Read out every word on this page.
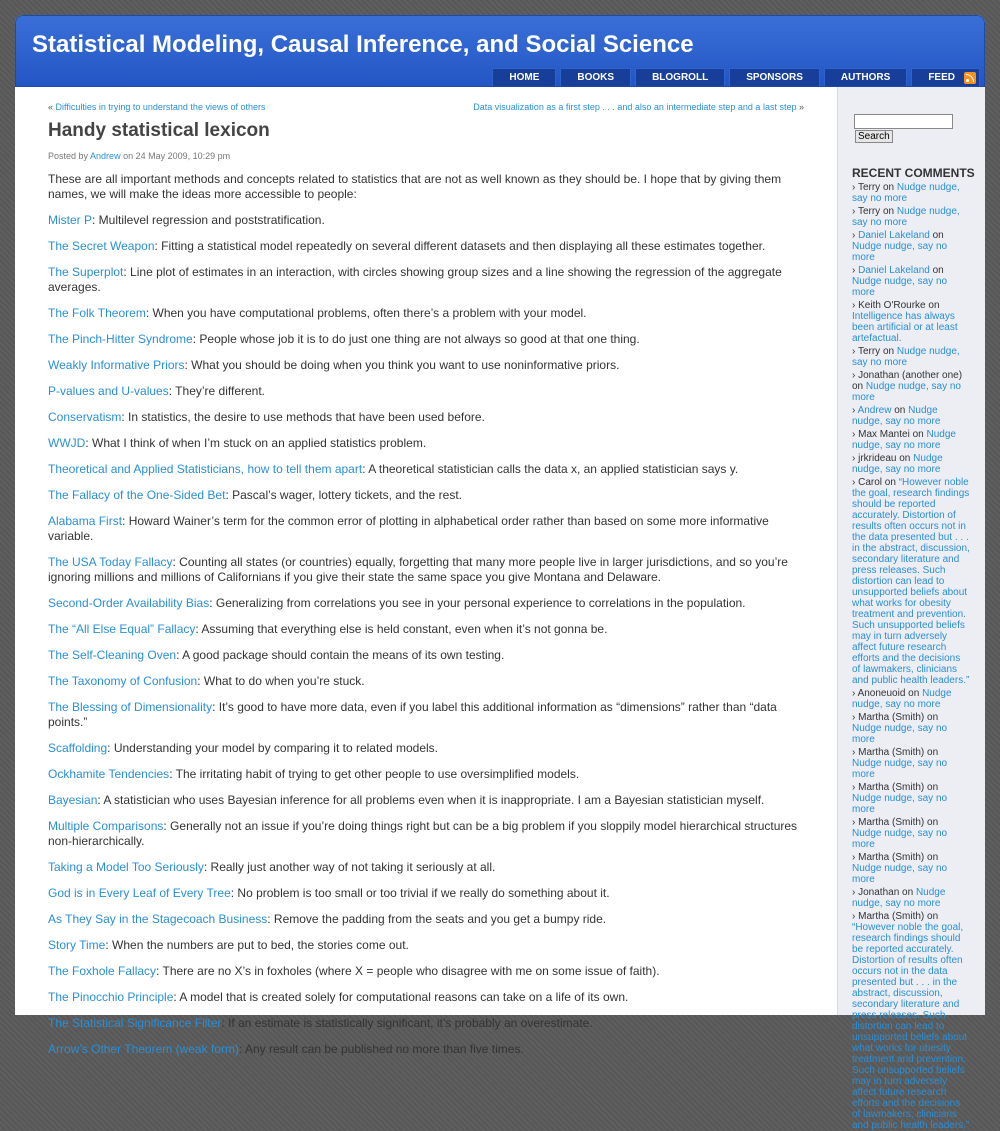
Statistical Modeling, Causal Inference, and Social Science
HOME	BOOKS	BLOGROLL	SPONSORS	AUTHORS	FEED
« Difficulties in trying to understand the views of others	Data visualization as a first step . . . and also an intermediate step and a last step »
Handy statistical lexicon
Posted by Andrew on 24 May 2009, 10:29 pm

These are all important methods and concepts related to statistics that are not as well known as they should be. I hope that by giving them names, we will make the ideas more accessible to people:

Mister P: Multilevel regression and poststratification.

The Secret Weapon: Fitting a statistical model repeatedly on several different datasets and then displaying all these estimates together.

The Superplot: Line plot of estimates in an interaction, with circles showing group sizes and a line showing the regression of the aggregate averages.

The Folk Theorem: When you have computational problems, often there’s a problem with your model.

The Pinch-Hitter Syndrome: People whose job it is to do just one thing are not always so good at that one thing.

Weakly Informative Priors: What you should be doing when you think you want to use noninformative priors.

P-values and U-values: They’re different.

Conservatism: In statistics, the desire to use methods that have been used before.

WWJD: What I think of when I’m stuck on an applied statistics problem.

Theoretical and Applied Statisticians, how to tell them apart: A theoretical statistician calls the data x, an applied statistician says y.

The Fallacy of the One-Sided Bet: Pascal’s wager, lottery tickets, and the rest.

Alabama First: Howard Wainer’s term for the common error of plotting in alphabetical order rather than based on some more informative variable.

The USA Today Fallacy: Counting all states (or countries) equally, forgetting that many more people live in larger jurisdictions, and so you’re ignoring millions and millions of Californians if you give their state the same space you give Montana and Delaware.

Second-Order Availability Bias: Generalizing from correlations you see in your personal experience to correlations in the population.

The “All Else Equal” Fallacy: Assuming that everything else is held constant, even when it’s not gonna be.

The Self-Cleaning Oven: A good package should contain the means of its own testing.

The Taxonomy of Confusion: What to do when you’re stuck.

The Blessing of Dimensionality: It’s good to have more data, even if you label this additional information as “dimensions” rather than “data points.”

Scaffolding: Understanding your model by comparing it to related models.

Ockhamite Tendencies: The irritating habit of trying to get other people to use oversimplified models.

Bayesian: A statistician who uses Bayesian inference for all problems even when it is inappropriate. I am a Bayesian statistician myself.

Multiple Comparisons: Generally not an issue if you’re doing things right but can be a big problem if you sloppily model hierarchical structures non-hierarchically.

Taking a Model Too Seriously: Really just another way of not taking it seriously at all.

God is in Every Leaf of Every Tree: No problem is too small or too trivial if we really do something about it.

As They Say in the Stagecoach Business: Remove the padding from the seats and you get a bumpy ride.

Story Time: When the numbers are put to bed, the stories come out.

The Foxhole Fallacy: There are no X’s in foxholes (where X = people who disagree with me on some issue of faith).

The Pinocchio Principle: A model that is created solely for computational reasons can take on a life of its own.

The Statistical Significance Filter: If an estimate is statistically significant, it’s probably an overestimate.

Arrow’s Other Theorem (weak form): Any result can be published no more than five times.

Search
RECENT COMMENTS
› Terry on Nudge nudge, say no more
› Terry on Nudge nudge, say no more
› Daniel Lakeland on Nudge nudge, say no more
› Daniel Lakeland on Nudge nudge, say no more
› Keith O'Rourke on Intelligence has always been artificial or at least artefactual.
› Terry on Nudge nudge, say no more
› Jonathan (another one) on Nudge nudge, say no more
› Andrew on Nudge nudge, say no more
› Max Mantei on Nudge nudge, say no more
› jrkrideau on Nudge nudge, say no more
› Carol on “However noble the goal, research findings should be reported accurately. Distortion of results often occurs not in the data presented but . . . in the abstract, discussion, secondary literature and press releases. Such distortion can lead to unsupported beliefs about what works for obesity treatment and prevention. Such unsupported beliefs may in turn adversely affect future research efforts and the decisions of lawmakers, clinicians and public health leaders.”
› Anoneuoid on Nudge nudge, say no more
› Martha (Smith) on Nudge nudge, say no more
› Martha (Smith) on Nudge nudge, say no more
› Martha (Smith) on Nudge nudge, say no more
› Martha (Smith) on Nudge nudge, say no more
› Martha (Smith) on Nudge nudge, say no more
› Jonathan on Nudge nudge, say no more
› Martha (Smith) on “However noble the goal, research findings should be reported accurately. Distortion of results often occurs not in the data presented but . . . in the abstract, discussion, secondary literature and press releases. Such distortion can lead to unsupported beliefs about what works for obesity treatment and prevention. Such unsupported beliefs may in turn adversely affect future research efforts and the decisions of lawmakers, clinicians and public health leaders.”
